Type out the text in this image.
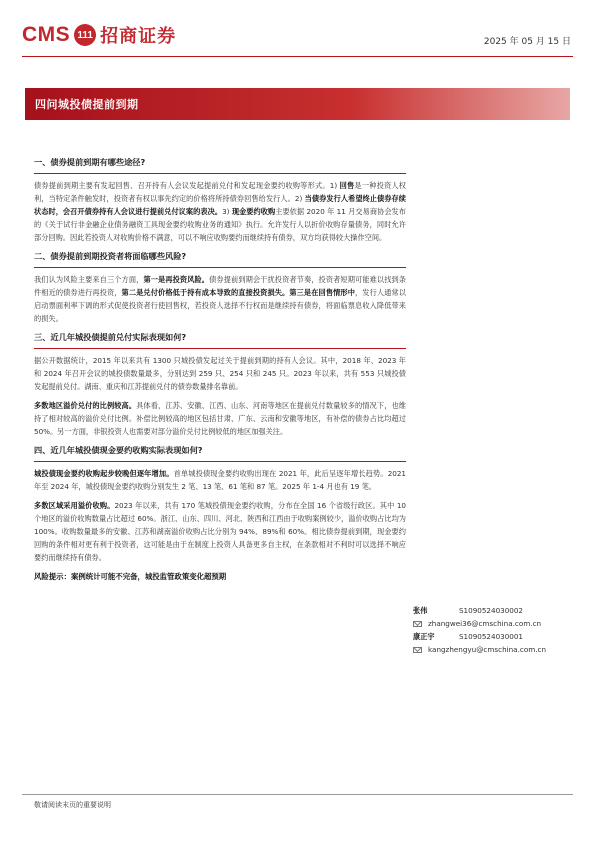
CMS 111 招商证券	2025 年 05 月 15 日
四问城投债提前到期
一、债券提前到期有哪些途径?
债券提前到期主要有发起回售、召开持有人会议发起提前兑付和发起现金要约收购等形式。1) 回售是一种投资人权利，当特定条件触发时，投资者有权以事先约定的价格将所持债券回售给发行人。2) 当债券发行人希望终止债券存续状态时，会召开债券持有人会议进行提前兑付议案的表决。3) 现金要约收购主要依据 2020 年 11 月交易商协会发布的《关于试行非金融企业债务融资工具现金要约收购业务的通知》执行。允许发行人以折价收购存量债务，同时允许部分回购。因此若投资人对收购价格不满意，可以不响应收购要约而继续持有债券，双方均获得较大操作空间。
二、债券提前到期投资者将面临哪些风险?
我们认为风险主要来自三个方面，第一是再投资风险。债券提前到期会干扰投资者节奏，投资者短期可能难以找到条件相近的债券进行再投资，第二是兑付价格低于持有成本导致的直接投资损失。第三是在回售情形中，发行人通常以启动票面利率下调的形式促使投资者行使回售权，若投资人选择不行权而是继续持有债券，将面临票息收入降低带来的损失。
三、近几年城投债提前兑付实际表现如何?
据公开数据统计，2015 年以来共有 1300 只城投债发起过关于提前到期的持有人会议。其中，2018 年、2023 年和 2024 年召开会议的城投债数量最多，分别达到 259 只、254 只和 245 只。2023 年以来，共有 553 只城投债发起提前兑付。湖南、重庆和江苏提前兑付的债券数量排名靠前。
多数地区溢价兑付的比例较高。具体看，江苏、安徽、江西、山东、河南等地区在提前兑付数量较多的情况下，也维持了相对较高的溢价兑付比例。补偿比例较高的地区包括甘肃、广东、云南和安徽等地区，有补偿的债券占比均超过 50%。另一方面，非银投资人也需要对部分溢价兑付比例较低的地区加强关注。
四、近几年城投债现金要约收购实际表现如何?
城投债现金要约收购起步较晚但逐年增加。首单城投债现金要约收购出现在 2021 年，此后呈逐年增长趋势。2021 年至 2024 年，城投债现金要约收购分别发生 2 笔、13 笔、61 笔和 87 笔。2025 年 1-4 月也有 19 笔。
多数区域采用溢价收购。2023 年以来，共有 170 笔城投债现金要约收购，分布在全国 16 个省级行政区。其中 10 个地区的溢价收购数量占比超过 60%。浙江、山东、四川、河北、陕西和江西由于收购案例较少，溢价收购占比均为 100%。收购数量最多的安徽、江苏和湖南溢价收购占比分别为 94%、89%和 60%。相比债券提前到期，现金要约回购的条件相对更有利于投资者，这可能是由于在制度上投资人具备更多自主权，在条款相对不利时可以选择不响应要约而继续持有债券。
风险提示：案例统计可能不完备，城投监管政策变化超预期
张伟	S1090524030002
zhangwei36@cmschina.com.cn
康正宇	S1090524030001
kangzhengyu@cmschina.com.cn
敬请阅读末页的重要说明
